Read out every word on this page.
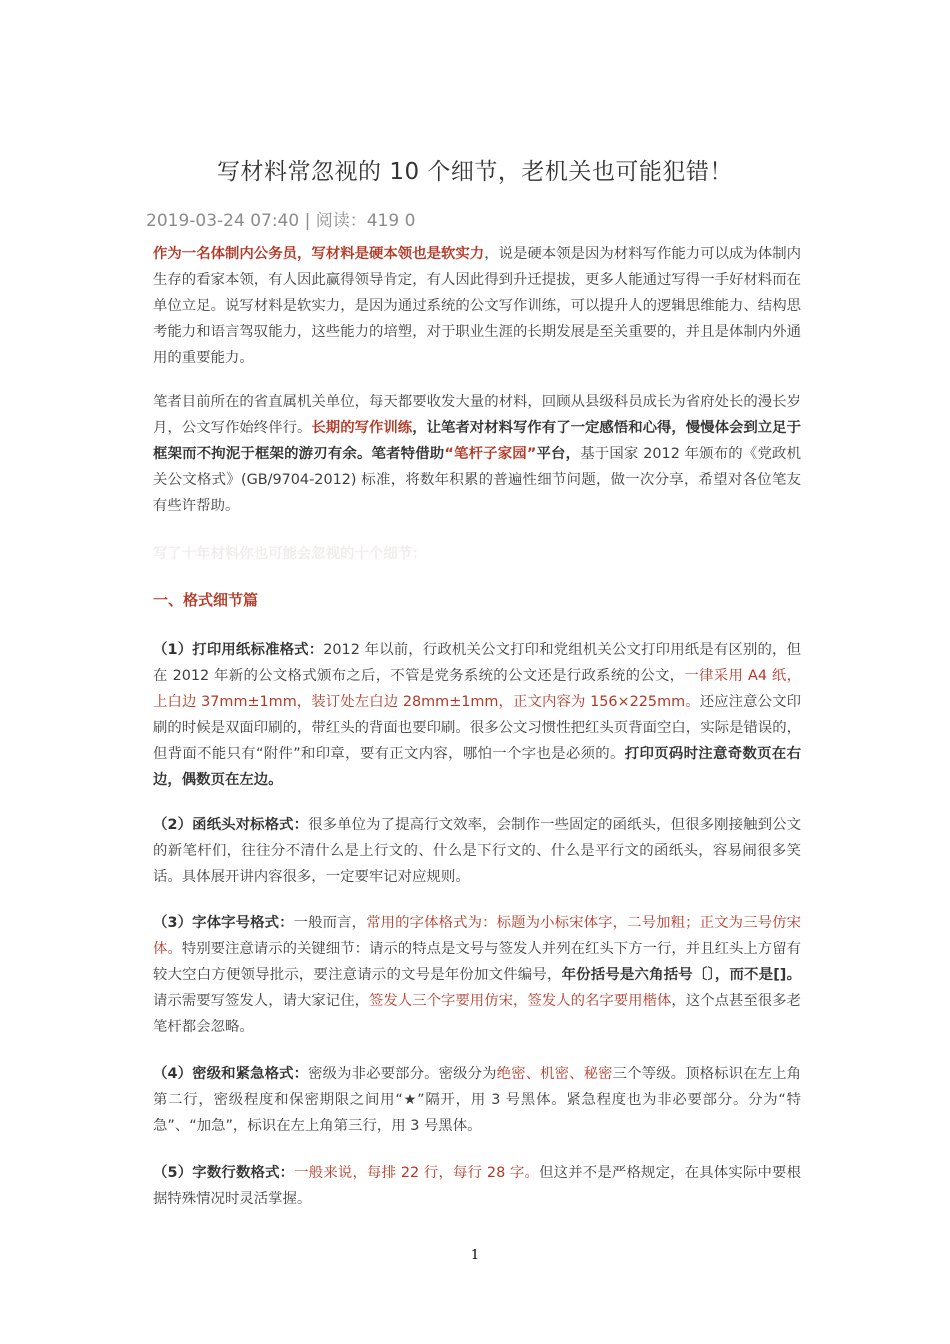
写材料常忽视的 10 个细节，老机关也可能犯错！
2019-03-24 07:40 | 阅读：419 0

作为一名体制内公务员，写材料是硬本领也是软实力，说是硬本领是因为材料写作能力可以成为体制内生存的看家本领，有人因此赢得领导肯定，有人因此得到升迁提拔，更多人能通过写得一手好材料而在单位立足。说写材料是软实力，是因为通过系统的公文写作训练，可以提升人的逻辑思维能力、结构思考能力和语言驾驭能力，这些能力的培塑，对于职业生涯的长期发展是至关重要的，并且是体制内外通用的重要能力。

笔者目前所在的省直属机关单位，每天都要收发大量的材料，回顾从县级科员成长为省府处长的漫长岁月，公文写作始终伴行。长期的写作训练，让笔者对材料写作有了一定感悟和心得，慢慢体会到立足于框架而不拘泥于框架的游刃有余。笔者特借助“笔杆子家园”平台，基于国家 2012 年颁布的《党政机关公文格式》(GB/9704-2012) 标准，将数年积累的普遍性细节问题，做一次分享，希望对各位笔友有些许帮助。

写了十年材料你也可能会忽视的十个细节：

一、格式细节篇

（1）打印用纸标准格式：2012 年以前，行政机关公文打印和党组机关公文打印用纸是有区别的，但在 2012 年新的公文格式颁布之后，不管是党务系统的公文还是行政系统的公文，一律采用 A4 纸，上白边 37mm±1mm，装订处左白边 28mm±1mm，正文内容为 156×225mm。还应注意公文印刷的时候是双面印刷的，带红头的背面也要印刷。很多公文习惯性把红头页背面空白，实际是错误的，但背面不能只有“附件”和印章，要有正文内容，哪怕一个字也是必须的。打印页码时注意奇数页在右边，偶数页在左边。

（2）函纸头对标格式：很多单位为了提高行文效率，会制作一些固定的函纸头，但很多刚接触到公文的新笔杆们，往往分不清什么是上行文的、什么是下行文的、什么是平行文的函纸头，容易闹很多笑话。具体展开讲内容很多，一定要牢记对应规则。

（3）字体字号格式：一般而言，常用的字体格式为：标题为小标宋体字，二号加粗；正文为三号仿宋体。特别要注意请示的关键细节：请示的特点是文号与签发人并列在红头下方一行，并且红头上方留有较大空白方便领导批示，要注意请示的文号是年份加文件编号，年份括号是六角括号〔〕，而不是[]。请示需要写签发人，请大家记住，签发人三个字要用仿宋，签发人的名字要用楷体，这个点甚至很多老笔杆都会忽略。

（4）密级和紧急格式：密级为非必要部分。密级分为绝密、机密、秘密三个等级。顶格标识在左上角第二行，密级程度和保密期限之间用“★”隔开，用 3 号黑体。紧急程度也为非必要部分。分为“特急”、“加急”，标识在左上角第三行，用 3 号黑体。

（5）字数行数格式：一般来说，每排 22 行，每行 28 字。但这并不是严格规定，在具体实际中要根据特殊情况时灵活掌握。

1
